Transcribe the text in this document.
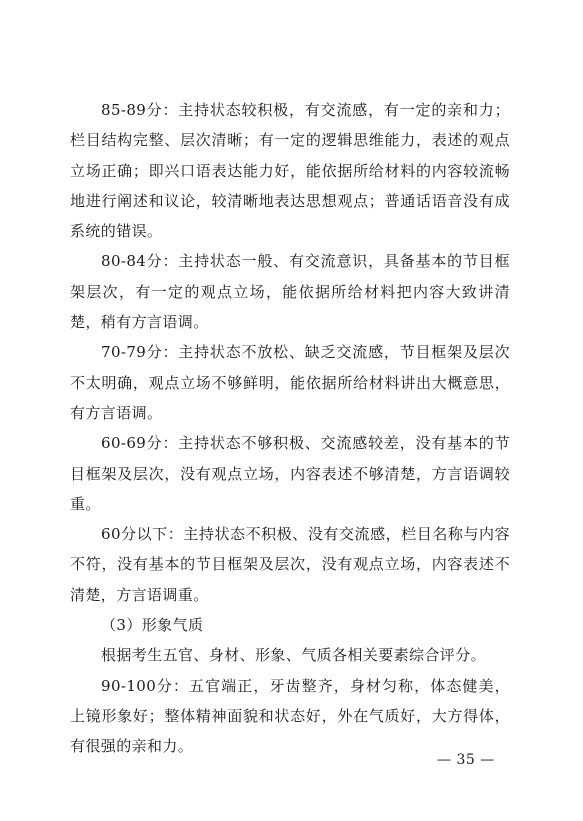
85-89分：主持状态较积极，有交流感，有一定的亲和力；栏目结构完整、层次清晰；有一定的逻辑思维能力，表述的观点立场正确；即兴口语表达能力好，能依据所给材料的内容较流畅地进行阐述和议论，较清晰地表达思想观点；普通话语音没有成系统的错误。

80-84分：主持状态一般、有交流意识，具备基本的节目框架层次，有一定的观点立场，能依据所给材料把内容大致讲清楚，稍有方言语调。

70-79分：主持状态不放松、缺乏交流感，节目框架及层次不太明确，观点立场不够鲜明，能依据所给材料讲出大概意思，有方言语调。

60-69分：主持状态不够积极、交流感较差，没有基本的节目框架及层次，没有观点立场，内容表述不够清楚，方言语调较重。

60分以下：主持状态不积极、没有交流感，栏目名称与内容不符，没有基本的节目框架及层次，没有观点立场，内容表述不清楚，方言语调重。

（3）形象气质

根据考生五官、身材、形象、气质各相关要素综合评分。

90-100分：五官端正，牙齿整齐，身材匀称，体态健美，上镜形象好；整体精神面貌和状态好，外在气质好，大方得体，有很强的亲和力。

— 35 —
